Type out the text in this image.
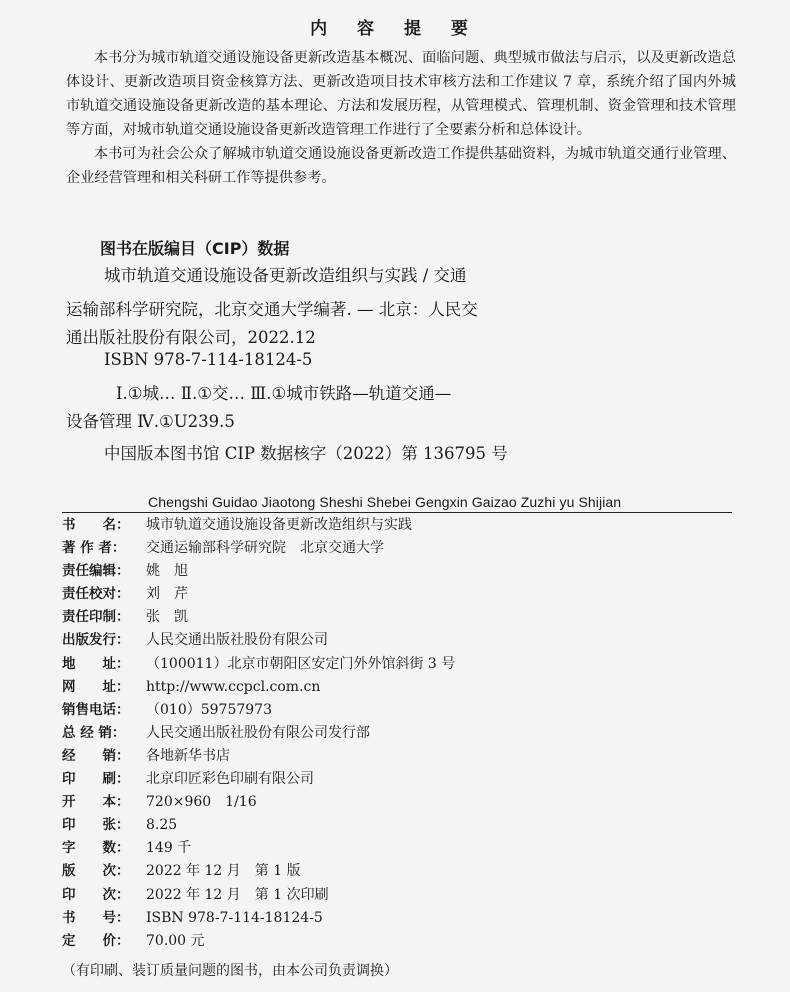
内 容 提 要

本书分为城市轨道交通设施设备更新改造基本概况、面临问题、典型城市做法与启示，以及更新改造总体设计、更新改造项目资金核算方法、更新改造项目技术审核方法和工作建议 7 章，系统介绍了国内外城市轨道交通设施设备更新改造的基本理论、方法和发展历程，从管理模式、管理机制、资金管理和技术管理等方面，对城市轨道交通设施设备更新改造管理工作进行了全要素分析和总体设计。

本书可为社会公众了解城市轨道交通设施设备更新改造工作提供基础资料，为城市轨道交通行业管理、企业经营管理和相关科研工作等提供参考。

图书在版编目（CIP）数据
城市轨道交通设施设备更新改造组织与实践 / 交通
运输部科学研究院，北京交通大学编著. — 北京：人民交
通出版社股份有限公司，2022.12
ISBN 978-7-114-18124-5
Ⅰ.①城… Ⅱ.①交… Ⅲ.①城市铁路—轨道交通—
设备管理 Ⅳ.①U239.5
中国版本图书馆 CIP 数据核字（2022）第 136795 号
Chengshi Guidao Jiaotong Sheshi Shebei Gengxin Gaizao Zuzhi yu Shijian
书　　名：	城市轨道交通设施设备更新改造组织与实践
著 作 者：	交通运输部科学研究院　北京交通大学
责任编辑：	姚　旭
责任校对：	刘　芹
责任印制：	张　凯
出版发行：	人民交通出版社股份有限公司
地　　址：	（100011）北京市朝阳区安定门外外馆斜街 3 号
网　　址：	http://www.ccpcl.com.cn
销售电话：	（010）59757973
总 经 销：	人民交通出版社股份有限公司发行部
经　　销：	各地新华书店
印　　刷：	北京印匠彩色印刷有限公司
开　　本：	720×960　1/16
印　　张：	8.25
字　　数：	149 千
版　　次：	2022 年 12 月　第 1 版
印　　次：	2022 年 12 月　第 1 次印刷
书　　号：	ISBN 978-7-114-18124-5
定　　价：	70.00 元
（有印刷、装订质量问题的图书，由本公司负责调换）
